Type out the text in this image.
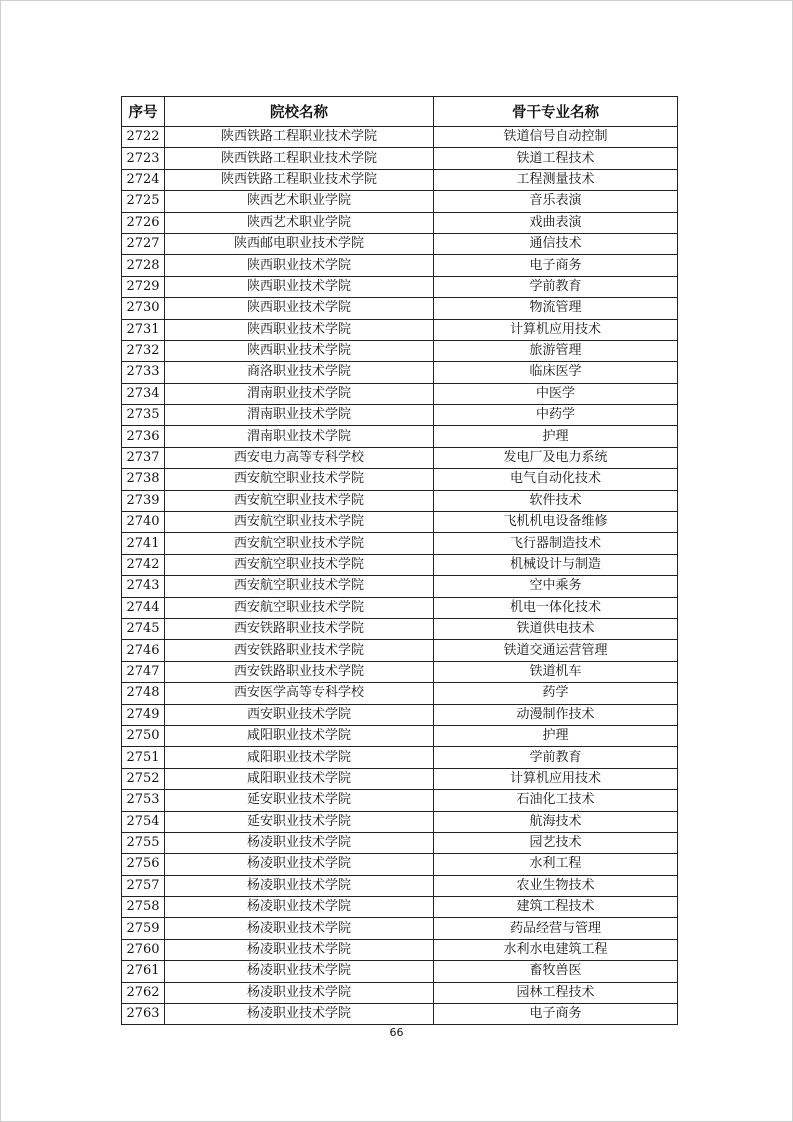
序号	院校名称	骨干专业名称
2722	陕西铁路工程职业技术学院	铁道信号自动控制
2723	陕西铁路工程职业技术学院	铁道工程技术
2724	陕西铁路工程职业技术学院	工程测量技术
2725	陕西艺术职业学院	音乐表演
2726	陕西艺术职业学院	戏曲表演
2727	陕西邮电职业技术学院	通信技术
2728	陕西职业技术学院	电子商务
2729	陕西职业技术学院	学前教育
2730	陕西职业技术学院	物流管理
2731	陕西职业技术学院	计算机应用技术
2732	陕西职业技术学院	旅游管理
2733	商洛职业技术学院	临床医学
2734	渭南职业技术学院	中医学
2735	渭南职业技术学院	中药学
2736	渭南职业技术学院	护理
2737	西安电力高等专科学校	发电厂及电力系统
2738	西安航空职业技术学院	电气自动化技术
2739	西安航空职业技术学院	软件技术
2740	西安航空职业技术学院	飞机机电设备维修
2741	西安航空职业技术学院	飞行器制造技术
2742	西安航空职业技术学院	机械设计与制造
2743	西安航空职业技术学院	空中乘务
2744	西安航空职业技术学院	机电一体化技术
2745	西安铁路职业技术学院	铁道供电技术
2746	西安铁路职业技术学院	铁道交通运营管理
2747	西安铁路职业技术学院	铁道机车
2748	西安医学高等专科学校	药学
2749	西安职业技术学院	动漫制作技术
2750	咸阳职业技术学院	护理
2751	咸阳职业技术学院	学前教育
2752	咸阳职业技术学院	计算机应用技术
2753	延安职业技术学院	石油化工技术
2754	延安职业技术学院	航海技术
2755	杨凌职业技术学院	园艺技术
2756	杨凌职业技术学院	水利工程
2757	杨凌职业技术学院	农业生物技术
2758	杨凌职业技术学院	建筑工程技术
2759	杨凌职业技术学院	药品经营与管理
2760	杨凌职业技术学院	水利水电建筑工程
2761	杨凌职业技术学院	畜牧兽医
2762	杨凌职业技术学院	园林工程技术
2763	杨凌职业技术学院	电子商务
66
